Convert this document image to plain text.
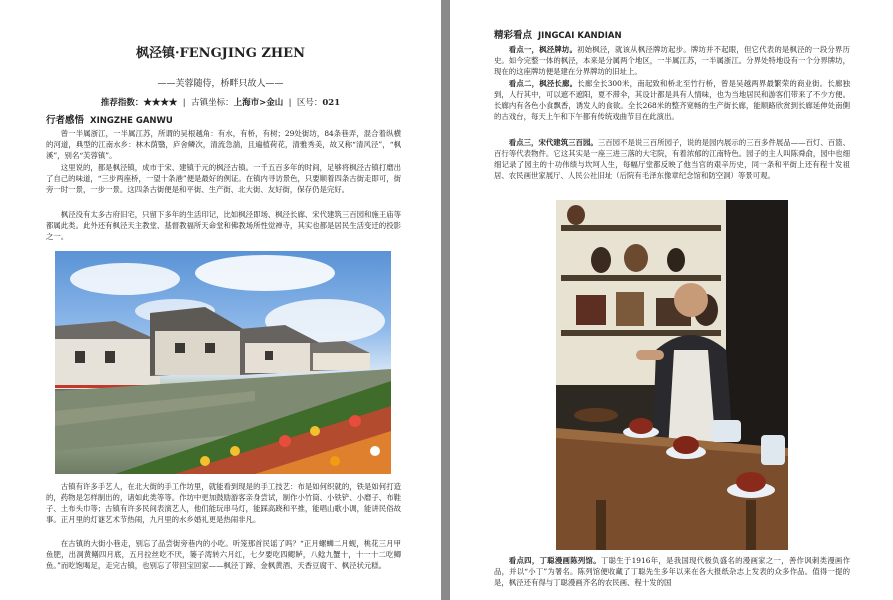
枫泾镇·FENGJING ZHEN
——芙蓉随侍，桥畔只故人——
推荐指数：★★★★  |  古镇坐标：上海市>金山  |  区号：021
行者感悟 XINGZHE GANWU

曾一半属浙江，一半属江苏，所谓的吴根越角：有水，有桥，有树；29处街坊，84条巷弄，混合着纵横的河道，典型的江南水乡：林木荫翳，庐舍鳞次，清流急湍，且遍植荷花，清雅秀美，故又称“清风泾”，“枫溪”，别名“芙蓉镇”。

这里说的，都是枫泾镇，成市于宋、建镇于元的枫泾古镇。一千五百多年的时间，足够将枫泾古镇打磨出了自己的味道，“三步两座桥，一望十条港”便是最好的例证。在镇内寻访景色，只要顺着四条古街走即可，街旁一时一景，一步一景。这四条古街便是和平街、生产街、北大街、友好街，保存仍是完好。

枫泾没有太多古府旧宅，只留下多年的生活印记，比如枫泾即场、枫泾长廊、宋代建筑三百园和施王庙等都属此类。此外还有枫泾天主教堂、基督教福所天命堂和佛教场所性觉禅寺，其实也都是居民生活变迁的投影之一。

古镇有许多手艺人，在北大街的手工作坊里，就能看到现是的手工技艺：布是如何织就的，铁是如何打造的，药物是怎样制出的，诸如此类等等。作坊中更加鼓励游客亲身尝试，制作小竹筒、小铁铲、小磨子、布鞋子、土布头巾等；古镇有许多民间表演艺人，他们能玩串马灯，能踩高跷和平推，能唱山歌小调，能讲民俗故事。正月里的灯谜艺术节热闹，九月里的水乡婚礼更是热闹非凡。

在古镇的大街小巷走，别忘了品尝街旁巷内的小吃。听笼那首民谣了吗？“正月螺蛳二月蚬，桃花三月甲鱼肥，出洞黄鳝四月底，五月拉丝吃不厌，篓子湾转六月红，七夕要吃四鳃鲈，八鲶九蟹十，十一十二吃鲫鱼。”而吃饱喝足，走完古镇，也别忘了带回宝回家——枫泾丁蹄、金枫黄酒、天香豆腐干、枫泾状元糕。

精彩看点 JINGCAI KANDIAN

看点一，枫泾牌坊。初始枫泾，就该从枫泾牌坊起步。牌坊并不起眼，但它代表的是枫泾的一段分界历史。如今完整一体的枫泾，本来是分属两个地区，一半属江苏，一半属浙江。分界处特地设有一个分界牌坊，现在的这座牌坊便是建在分界牌坊的旧址上。

看点二，枫泾长廊。长廊全长300米，南起致和桥北至竹行桥，曾是吴越两界最繁荣的商业街。长廊独到，人行其中，可以遮不遮阳，夏不滞伞，其设计都是具有人情味，也为当地居民和游客们带来了不少方便。长廊内有各色小食飘香，诱发人的食欲。全长268米的整齐宽畅的生产街长廊，能顺路欣赏到长廊延伸处南側的古戏台，每天上午和下午都有传统戏曲节目在此演出。

看点三，宋代建筑三百园。三百园不是说三百所园子，说的是园内展示的三百多件展品——百灯、百篮、百行等代表物件。它这其实是一座三进三落的大宅院，有着浓郁的江南特色。园子的主人叫陈舜俞，园中也细细记录了园主的十功伟绩与坎坷人生，每幅厅堂都反映了他当官的艰辛历史，同一条和平街上还有程十发祖居、农民画世家展厅、人民公社旧址（后院有毛泽东像章纪念馆和防空洞）等景可观。

看点四，丁聪漫画陈列馆。丁聪生于1916年，是我国现代极负盛名的漫画家之一，善作讽刺类漫画作品，并以“小丁”为署名。陈列馆便收藏了丁聪先生多年以来在各大报纸杂志上发表的众多作品。值得一提的是，枫泾还有得与丁聪漫画齐名的农民画、程十发的国
